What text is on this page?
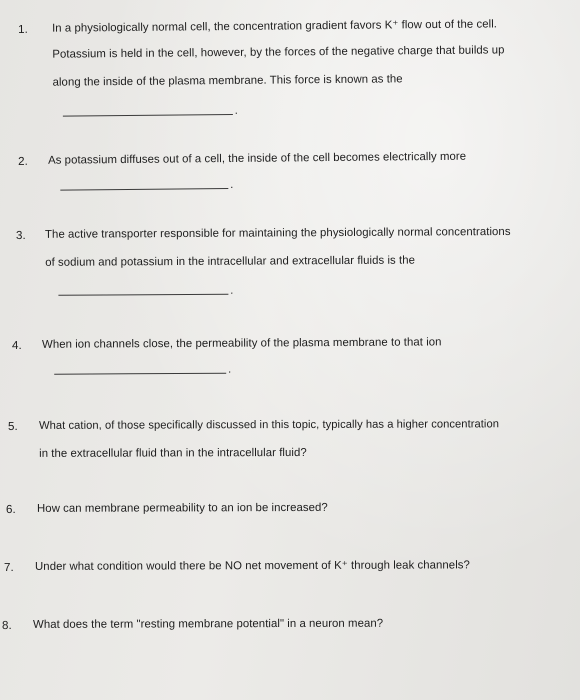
1. In a physiologically normal cell, the concentration gradient favors K⁺ flow out of the cell.
Potassium is held in the cell, however, by the forces of the negative charge that builds up
along the inside of the plasma membrane. This force is known as the
.
2. As potassium diffuses out of a cell, the inside of the cell becomes electrically more
.
3. The active transporter responsible for maintaining the physiologically normal concentrations
of sodium and potassium in the intracellular and extracellular fluids is the
.
4. When ion channels close, the permeability of the plasma membrane to that ion
.
5. What cation, of those specifically discussed in this topic, typically has a higher concentration
in the extracellular fluid than in the intracellular fluid?
6. How can membrane permeability to an ion be increased?
7. Under what condition would there be NO net movement of K⁺ through leak channels?
8. What does the term "resting membrane potential" in a neuron mean?
